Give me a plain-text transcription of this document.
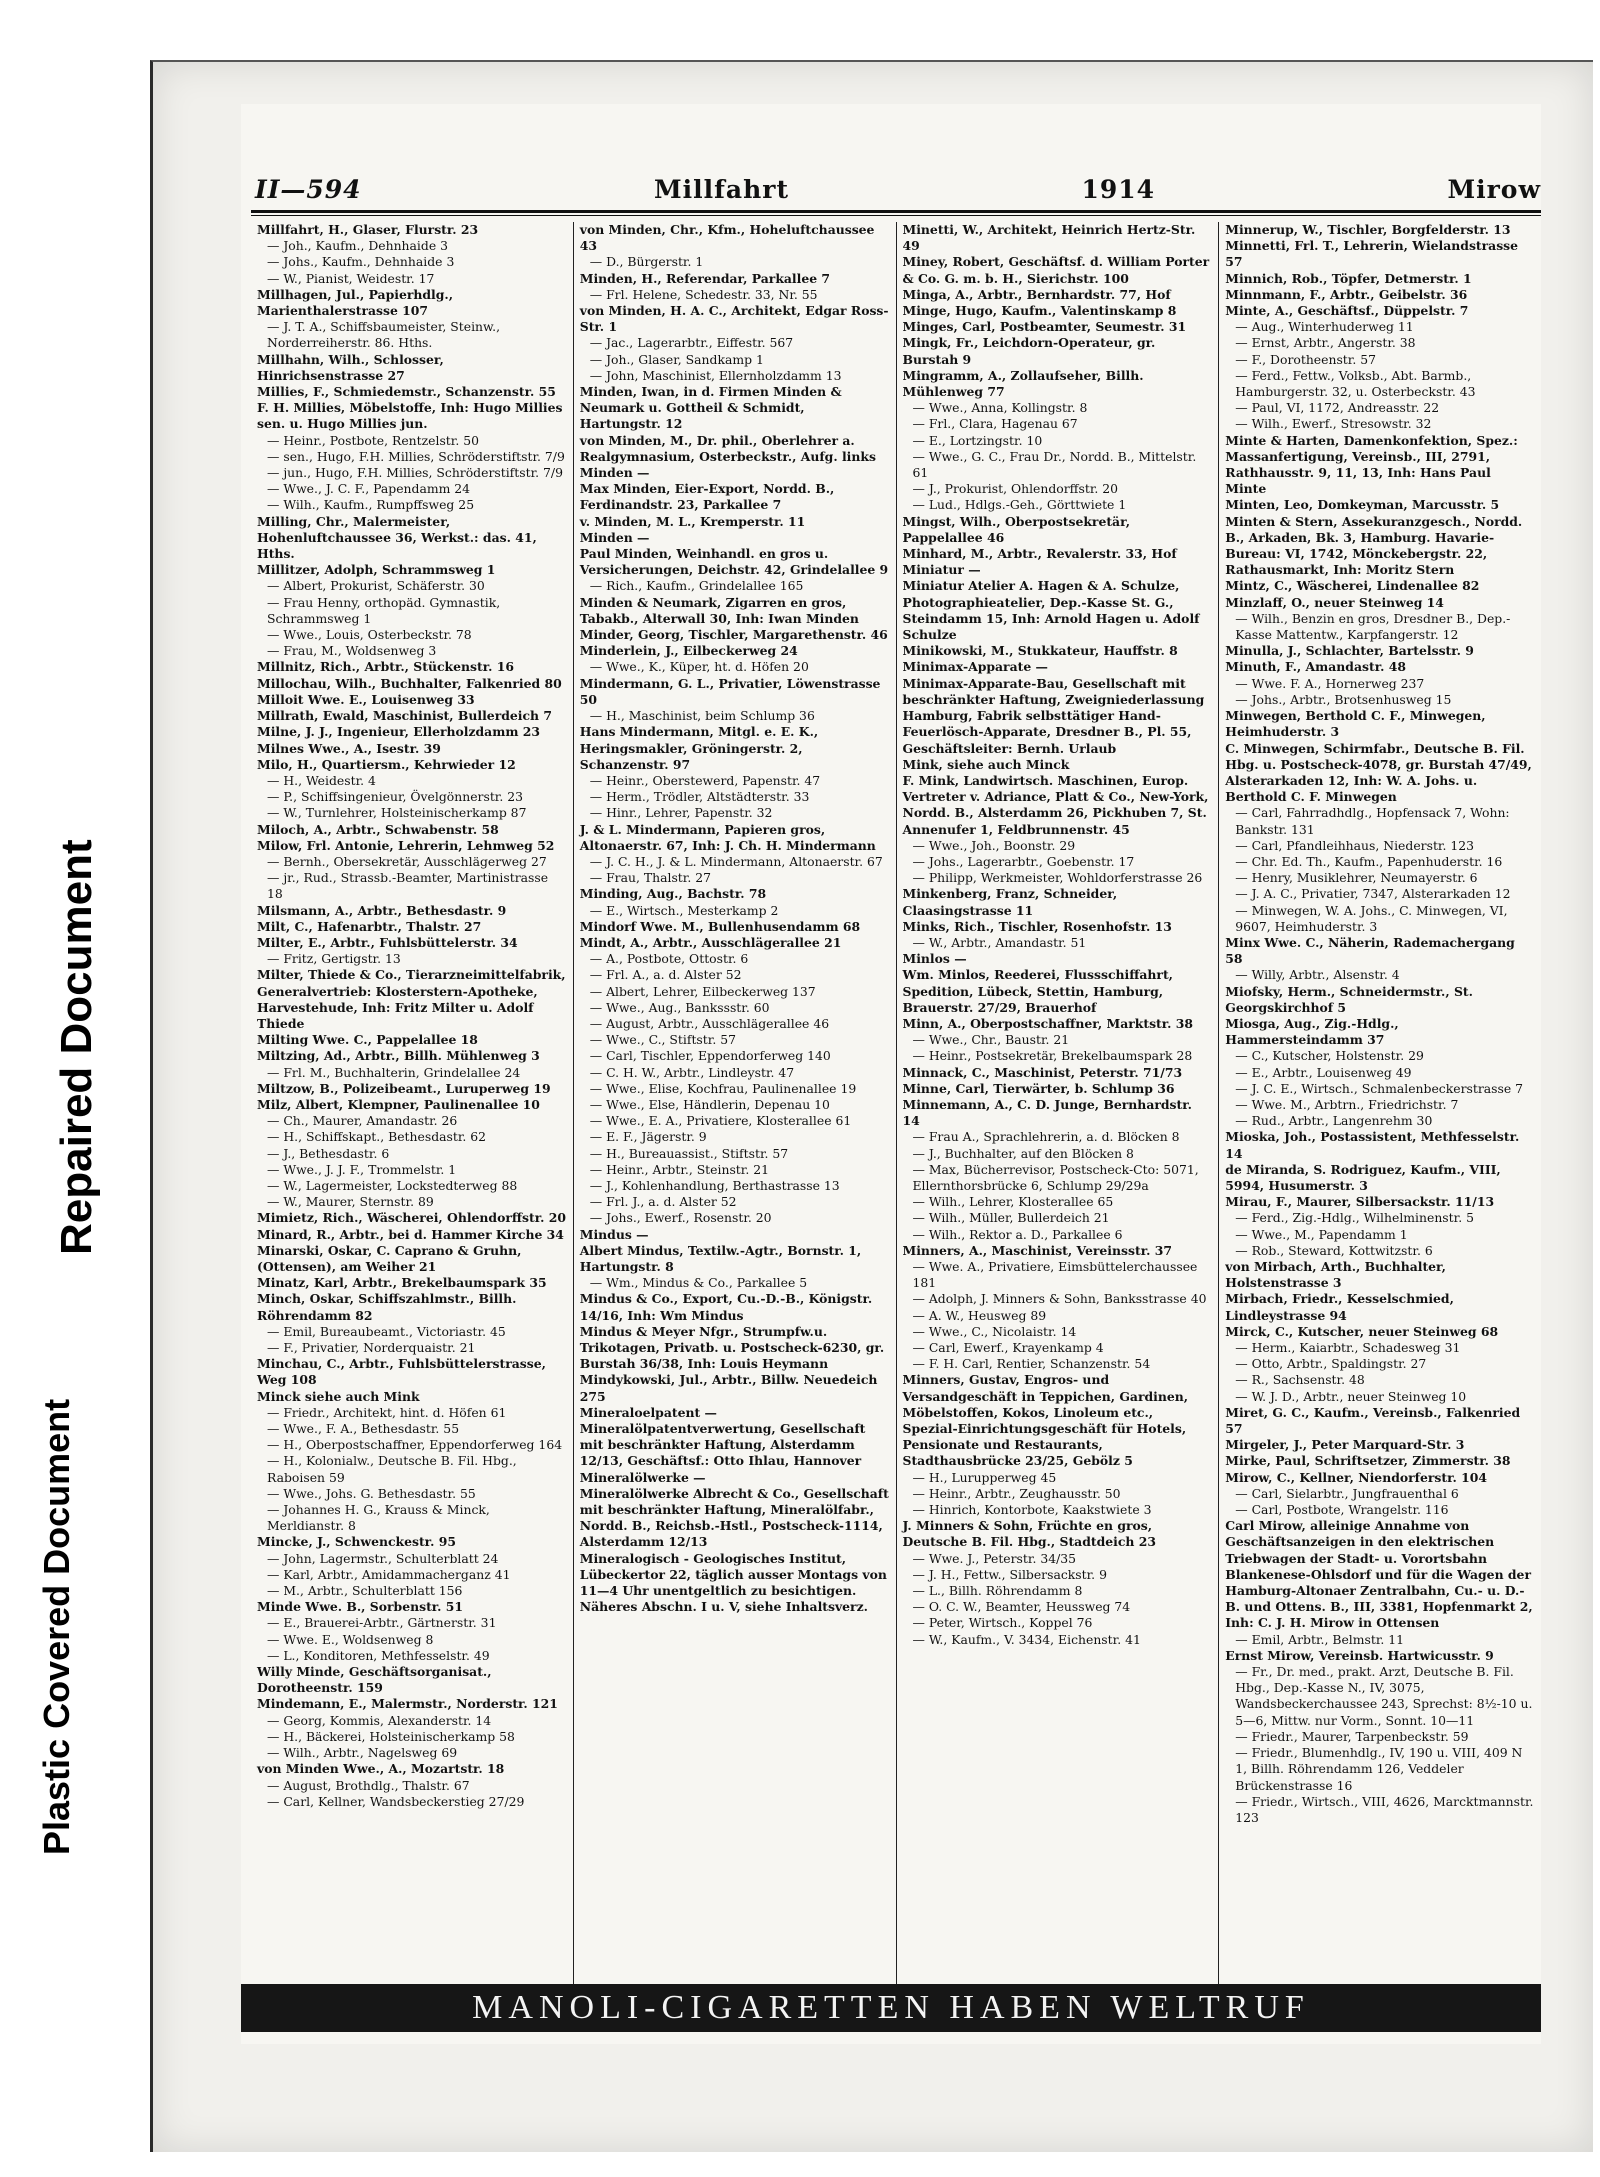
Repaired Document
Plastic Covered Document
II—594	Millfahrt	1914	Mirow
Millfahrt, H., Glaser, Flurstr. 23
— Joh., Kaufm., Dehnhaide 3
— Johs., Kaufm., Dehnhaide 3
— W., Pianist, Weidestr. 17
Millhagen, Jul., Papierhdlg., Marienthalerstrasse 107
— J. T. A., Schiffsbaumeister, Steinw., Norderreiherstr. 86. Hths.
Millhahn, Wilh., Schlosser, Hinrichsenstrasse 27
Millies, F., Schmiedemstr., Schanzenstr. 55
F. H. Millies, Möbelstoffe, Inh: Hugo Millies sen. u. Hugo Millies jun.
— Heinr., Postbote, Rentzelstr. 50
— sen., Hugo, F.H. Millies, Schröderstiftstr. 7/9
— jun., Hugo, F.H. Millies, Schröderstiftstr. 7/9
— Wwe., J. C. F., Papendamm 24
— Wilh., Kaufm., Rumpffsweg 25
Milling, Chr., Malermeister, Hohenluftchaussee 36, Werkst.: das. 41, Hths.
Millitzer, Adolph, Schrammsweg 1
— Albert, Prokurist, Schäferstr. 30
— Frau Henny, orthopäd. Gymnastik, Schrammsweg 1
— Wwe., Louis, Osterbeckstr. 78
— Frau, M., Woldsenweg 3
Millnitz, Rich., Arbtr., Stückenstr. 16
Millochau, Wilh., Buchhalter, Falkenried 80
Milloit Wwe. E., Louisenweg 33
Millrath, Ewald, Maschinist, Bullerdeich 7
Milne, J. J., Ingenieur, Ellerholzdamm 23
Milnes Wwe., A., Isestr. 39
Milo, H., Quartiersm., Kehrwieder 12
— H., Weidestr. 4
— P., Schiffsingenieur, Övelgönnerstr. 23
— W., Turnlehrer, Holsteinischerkamp 87
Miloch, A., Arbtr., Schwabenstr. 58
Milow, Frl. Antonie, Lehrerin, Lehmweg 52
— Bernh., Obersekretär, Ausschlägerweg 27
— jr., Rud., Strassb.-Beamter, Martinistrasse 18
Milsmann, A., Arbtr., Bethesdastr. 9
Milt, C., Hafenarbtr., Thalstr. 27
Milter, E., Arbtr., Fuhlsbüttelerstr. 34
— Fritz, Gertigstr. 13
Milter, Thiede & Co., Tierarzneimittelfabrik, Generalvertrieb: Klosterstern-Apotheke, Harvestehude, Inh: Fritz Milter u. Adolf Thiede
Milting Wwe. C., Pappelallee 18
Miltzing, Ad., Arbtr., Billh. Mühlenweg 3
— Frl. M., Buchhalterin, Grindelallee 24
Miltzow, B., Polizeibeamt., Luruperweg 19
Milz, Albert, Klempner, Paulinenallee 10
— Ch., Maurer, Amandastr. 26
— H., Schiffskapt., Bethesdastr. 62
— J., Bethesdastr. 6
— Wwe., J. J. F., Trommelstr. 1
— W., Lagermeister, Lockstedterweg 88
— W., Maurer, Sternstr. 89
Mimietz, Rich., Wäscherei, Ohlendorffstr. 20
Minard, R., Arbtr., bei d. Hammer Kirche 34
Minarski, Oskar, C. Caprano & Gruhn, (Ottensen), am Weiher 21
Minatz, Karl, Arbtr., Brekelbaumspark 35
Minch, Oskar, Schiffszahlmstr., Billh. Röhrendamm 82
— Emil, Bureaubeamt., Victoriastr. 45
— F., Privatier, Norderquaistr. 21
Minchau, C., Arbtr., Fuhlsbüttelerstrasse, Weg 108
Minck siehe auch Mink
— Friedr., Architekt, hint. d. Höfen 61
— Wwe., F. A., Bethesdastr. 55
— H., Oberpostschaffner, Eppendorferweg 164
— H., Kolonialw., Deutsche B. Fil. Hbg., Raboisen 59
— Wwe., Johs. G. Bethesdastr. 55
— Johannes H. G., Krauss & Minck, Merldianstr. 8
Mincke, J., Schwenckestr. 95
— John, Lagermstr., Schulterblatt 24
— Karl, Arbtr., Amidammacherganz 41
— M., Arbtr., Schulterblatt 156
Minde Wwe. B., Sorbenstr. 51
— E., Brauerei-Arbtr., Gärtnerstr. 31
— Wwe. E., Woldsenweg 8
— L., Konditoren, Methfesselstr. 49
Willy Minde, Geschäftsorganisat., Dorotheenstr. 159
Mindemann, E., Malermstr., Norderstr. 121
— Georg, Kommis, Alexanderstr. 14
— H., Bäckerei, Holsteinischerkamp 58
— Wilh., Arbtr., Nagelsweg 69
von Minden Wwe., A., Mozartstr. 18
— August, Brothdlg., Thalstr. 67
— Carl, Kellner, Wandsbeckerstieg 27/29
von Minden, Chr., Kfm., Hoheluftchaussee 43
— D., Bürgerstr. 1
Minden, H., Referendar, Parkallee 7
— Frl. Helene, Schedestr. 33, Nr. 55
von Minden, H. A. C., Architekt, Edgar Ross-Str. 1
— Jac., Lagerarbtr., Eiffestr. 567
— Joh., Glaser, Sandkamp 1
— John, Maschinist, Ellernholzdamm 13
Minden, Iwan, in d. Firmen Minden & Neumark u. Gottheil & Schmidt, Hartungstr. 12
von Minden, M., Dr. phil., Oberlehrer a. Realgymnasium, Osterbeckstr., Aufg. links
Minden —
Max Minden, Eier-Export, Nordd. B., Ferdinandstr. 23, Parkallee 7
v. Minden, M. L., Kremperstr. 11
Minden —
Paul Minden, Weinhandl. en gros u. Versicherungen, Deichstr. 42, Grindelallee 9
— Rich., Kaufm., Grindelallee 165
Minden & Neumark, Zigarren en gros, Tabakb., Alterwall 30, Inh: Iwan Minden
Minder, Georg, Tischler, Margarethenstr. 46
Minderlein, J., Eilbeckerweg 24
— Wwe., K., Küper, ht. d. Höfen 20
Mindermann, G. L., Privatier, Löwenstrasse 50
— H., Maschinist, beim Schlump 36
Hans Mindermann, Mitgl. e. E. K., Heringsmakler, Gröningerstr. 2, Schanzenstr. 97
— Heinr., Oberstewerd, Papenstr. 47
— Herm., Trödler, Altstädterstr. 33
— Hinr., Lehrer, Papenstr. 32
J. & L. Mindermann, Papieren gros, Altonaerstr. 67, Inh: J. Ch. H. Mindermann
— J. C. H., J. & L. Mindermann, Altonaerstr. 67
— Frau, Thalstr. 27
Minding, Aug., Bachstr. 78
— E., Wirtsch., Mesterkamp 2
Mindorf Wwe. M., Bullenhusendamm 68
Mindt, A., Arbtr., Ausschlägerallee 21
— A., Postbote, Ottostr. 6
— Frl. A., a. d. Alster 52
— Albert, Lehrer, Eilbeckerweg 137
— Wwe., Aug., Bankssstr. 60
— August, Arbtr., Ausschlägerallee 46
— Wwe., C., Stiftstr. 57
— Carl, Tischler, Eppendorferweg 140
— C. H. W., Arbtr., Lindleystr. 47
— Wwe., Elise, Kochfrau, Paulinenallee 19
— Wwe., Else, Händlerin, Depenau 10
— Wwe., E. A., Privatiere, Klosterallee 61
— E. F., Jägerstr. 9
— H., Bureauassist., Stiftstr. 57
— Heinr., Arbtr., Steinstr. 21
— J., Kohlenhandlung, Berthastrasse 13
— Frl. J., a. d. Alster 52
— Johs., Ewerf., Rosenstr. 20
Mindus —
Albert Mindus, Textilw.-Agtr., Bornstr. 1, Hartungstr. 8
— Wm., Mindus & Co., Parkallee 5
Mindus & Co., Export, Cu.-D.-B., Königstr. 14/16, Inh: Wm Mindus
Mindus & Meyer Nfgr., Strumpfw.u. Trikotagen, Privatb. u. Postscheck-6230, gr. Burstah 36/38, Inh: Louis Heymann
Mindykowski, Jul., Arbtr., Billw. Neuedeich 275
Mineraloelpatent —
Mineralölpatentverwertung, Gesellschaft mit beschränkter Haftung, Alsterdamm 12/13, Geschäftsf.: Otto Ihlau, Hannover
Mineralölwerke —
Mineralölwerke Albrecht & Co., Gesellschaft mit beschränkter Haftung, Mineralölfabr., Nordd. B., Reichsb.-Hstl., Postscheck-1114, Alsterdamm 12/13
Mineralogisch - Geologisches Institut, Lübeckertor 22, täglich ausser Montags von 11—4 Uhr unentgeltlich zu besichtigen. Näheres Abschn. I u. V, siehe Inhaltsverz.
Minetti, W., Architekt, Heinrich Hertz-Str. 49
Miney, Robert, Geschäftsf. d. William Porter & Co. G. m. b. H., Sierichstr. 100
Minga, A., Arbtr., Bernhardstr. 77, Hof
Minge, Hugo, Kaufm., Valentinskamp 8
Minges, Carl, Postbeamter, Seumestr. 31
Mingk, Fr., Leichdorn-Operateur, gr. Burstah 9
Mingramm, A., Zollaufseher, Billh. Mühlenweg 77
— Wwe., Anna, Kollingstr. 8
— Frl., Clara, Hagenau 67
— E., Lortzingstr. 10
— Wwe., G. C., Frau Dr., Nordd. B., Mittelstr. 61
— J., Prokurist, Ohlendorffstr. 20
— Lud., Hdlgs.-Geh., Görttwiete 1
Mingst, Wilh., Oberpostsekretär, Pappelallee 46
Minhard, M., Arbtr., Revalerstr. 33, Hof
Miniatur —
Miniatur Atelier A. Hagen & A. Schulze, Photographieatelier, Dep.-Kasse St. G., Steindamm 15, Inh: Arnold Hagen u. Adolf Schulze
Minikowski, M., Stukkateur, Hauffstr. 8
Minimax-Apparate —
Minimax-Apparate-Bau, Gesellschaft mit beschränkter Haftung, Zweigniederlassung Hamburg, Fabrik selbsttätiger Hand-Feuerlösch-Apparate, Dresdner B., Pl. 55, Geschäftsleiter: Bernh. Urlaub
Mink, siehe auch Minck
F. Mink, Landwirtsch. Maschinen, Europ. Vertreter v. Adriance, Platt & Co., New-York, Nordd. B., Alsterdamm 26, Pickhuben 7, St. Annenufer 1, Feldbrunnenstr. 45
— Wwe., Joh., Boonstr. 29
— Johs., Lagerarbtr., Goebenstr. 17
— Philipp, Werkmeister, Wohldorferstrasse 26
Minkenberg, Franz, Schneider, Claasingstrasse 11
Minks, Rich., Tischler, Rosenhofstr. 13
— W., Arbtr., Amandastr. 51
Minlos —
Wm. Minlos, Reederei, Flussschiffahrt, Spedition, Lübeck, Stettin, Hamburg, Brauerstr. 27/29, Brauerhof
Minn, A., Oberpostschaffner, Marktstr. 38
— Wwe., Chr., Baustr. 21
— Heinr., Postsekretär, Brekelbaumspark 28
Minnack, C., Maschinist, Peterstr. 71/73
Minne, Carl, Tierwärter, b. Schlump 36
Minnemann, A., C. D. Junge, Bernhardstr. 14
— Frau A., Sprachlehrerin, a. d. Blöcken 8
— J., Buchhalter, auf den Blöcken 8
— Max, Bücherrevisor, Postscheck-Cto: 5071, Ellernthorsbrücke 6, Schlump 29/29a
— Wilh., Lehrer, Klosterallee 65
— Wilh., Müller, Bullerdeich 21
— Wilh., Rektor a. D., Parkallee 6
Minners, A., Maschinist, Vereinsstr. 37
— Wwe. A., Privatiere, Eimsbüttelerchaussee 181
— Adolph, J. Minners & Sohn, Banksstrasse 40
— A. W., Heusweg 89
— Wwe., C., Nicolaistr. 14
— Carl, Ewerf., Krayenkamp 4
— F. H. Carl, Rentier, Schanzenstr. 54
Minners, Gustav, Engros- und Versandgeschäft in Teppichen, Gardinen, Möbelstoffen, Kokos, Linoleum etc., Spezial-Einrichtungsgeschäft für Hotels, Pensionate und Restaurants, Stadthausbrücke 23/25, Gebölz 5
— H., Lurupperweg 45
— Heinr., Arbtr., Zeughausstr. 50
— Hinrich, Kontorbote, Kaakstwiete 3
J. Minners & Sohn, Früchte en gros, Deutsche B. Fil. Hbg., Stadtdeich 23
— Wwe. J., Peterstr. 34/35
— J. H., Fettw., Silbersackstr. 9
— L., Billh. Röhrendamm 8
— O. C. W., Beamter, Heussweg 74
— Peter, Wirtsch., Koppel 76
— W., Kaufm., V. 3434, Eichenstr. 41
Minnerup, W., Tischler, Borgfelderstr. 13
Minnetti, Frl. T., Lehrerin, Wielandstrasse 57
Minnich, Rob., Töpfer, Detmerstr. 1
Minnmann, F., Arbtr., Geibelstr. 36
Minte, A., Geschäftsf., Düppelstr. 7
— Aug., Winterhuderweg 11
— Ernst, Arbtr., Angerstr. 38
— F., Dorotheenstr. 57
— Ferd., Fettw., Volksb., Abt. Barmb., Hamburgerstr. 32, u. Osterbeckstr. 43
— Paul, VI, 1172, Andreasstr. 22
— Wilh., Ewerf., Stresowstr. 32
Minte & Harten, Damenkonfektion, Spez.: Massanfertigung, Vereinsb., III, 2791, Rathhausstr. 9, 11, 13, Inh: Hans Paul Minte
Minten, Leo, Domkeyman, Marcusstr. 5
Minten & Stern, Assekuranzgesch., Nordd. B., Arkaden, Bk. 3, Hamburg. Havarie-Bureau: VI, 1742, Mönckebergstr. 22, Rathausmarkt, Inh: Moritz Stern
Mintz, C., Wäscherei, Lindenallee 82
Minzlaff, O., neuer Steinweg 14
— Wilh., Benzin en gros, Dresdner B., Dep.-Kasse Mattentw., Karpfangerstr. 12
Minulla, J., Schlachter, Bartelsstr. 9
Minuth, F., Amandastr. 48
— Wwe. F. A., Hornerweg 237
— Johs., Arbtr., Brotsenhusweg 15
Minwegen, Berthold C. F., Minwegen, Heimhuderstr. 3
C. Minwegen, Schirmfabr., Deutsche B. Fil. Hbg. u. Postscheck-4078, gr. Burstah 47/49, Alsterarkaden 12, Inh: W. A. Johs. u. Berthold C. F. Minwegen
— Carl, Fahrradhdlg., Hopfensack 7, Wohn: Bankstr. 131
— Carl, Pfandleihhaus, Niederstr. 123
— Chr. Ed. Th., Kaufm., Papenhuderstr. 16
— Henry, Musiklehrer, Neumayerstr. 6
— J. A. C., Privatier, 7347, Alsterarkaden 12
— Minwegen, W. A. Johs., C. Minwegen, VI, 9607, Heimhuderstr. 3
Minx Wwe. C., Näherin, Rademachergang 58
— Willy, Arbtr., Alsenstr. 4
Miofsky, Herm., Schneidermstr., St. Georgskirchhof 5
Miosga, Aug., Zig.-Hdlg., Hammersteindamm 37
— C., Kutscher, Holstenstr. 29
— E., Arbtr., Louisenweg 49
— J. C. E., Wirtsch., Schmalenbeckerstrasse 7
— Wwe. M., Arbtrn., Friedrichstr. 7
— Rud., Arbtr., Langenrehm 30
Mioska, Joh., Postassistent, Methfesselstr. 14
de Miranda, S. Rodriguez, Kaufm., VIII, 5994, Husumerstr. 3
Mirau, F., Maurer, Silbersackstr. 11/13
— Ferd., Zig.-Hdlg., Wilhelminenstr. 5
— Wwe., M., Papendamm 1
— Rob., Steward, Kottwitzstr. 6
von Mirbach, Arth., Buchhalter, Holstenstrasse 3
Mirbach, Friedr., Kesselschmied, Lindleystrasse 94
Mirck, C., Kutscher, neuer Steinweg 68
— Herm., Kaiarbtr., Schadesweg 31
— Otto, Arbtr., Spaldingstr. 27
— R., Sachsenstr. 48
— W. J. D., Arbtr., neuer Steinweg 10
Miret, G. C., Kaufm., Vereinsb., Falkenried 57
Mirgeler, J., Peter Marquard-Str. 3
Mirke, Paul, Schriftsetzer, Zimmerstr. 38
Mirow, C., Kellner, Niendorferstr. 104
— Carl, Sielarbtr., Jungfrauenthal 6
— Carl, Postbote, Wrangelstr. 116
Carl Mirow, alleinige Annahme von Geschäftsanzeigen in den elektrischen Triebwagen der Stadt- u. Vorortsbahn Blankenese-Ohlsdorf und für die Wagen der Hamburg-Altonaer Zentralbahn, Cu.- u. D.-B. und Ottens. B., III, 3381, Hopfenmarkt 2, Inh: C. J. H. Mirow in Ottensen
— Emil, Arbtr., Belmstr. 11
Ernst Mirow, Vereinsb. Hartwicusstr. 9
— Fr., Dr. med., prakt. Arzt, Deutsche B. Fil. Hbg., Dep.-Kasse N., IV, 3075, Wandsbeckerchaussee 243, Sprechst: 8½-10 u. 5—6, Mittw. nur Vorm., Sonnt. 10—11
— Friedr., Maurer, Tarpenbeckstr. 59
— Friedr., Blumenhdlg., IV, 190 u. VIII, 409 N 1, Billh. Röhrendamm 126, Veddeler Brückenstrasse 16
— Friedr., Wirtsch., VIII, 4626, Marcktmannstr. 123
MANOLI-CIGARETTEN HABEN WELTRUF
